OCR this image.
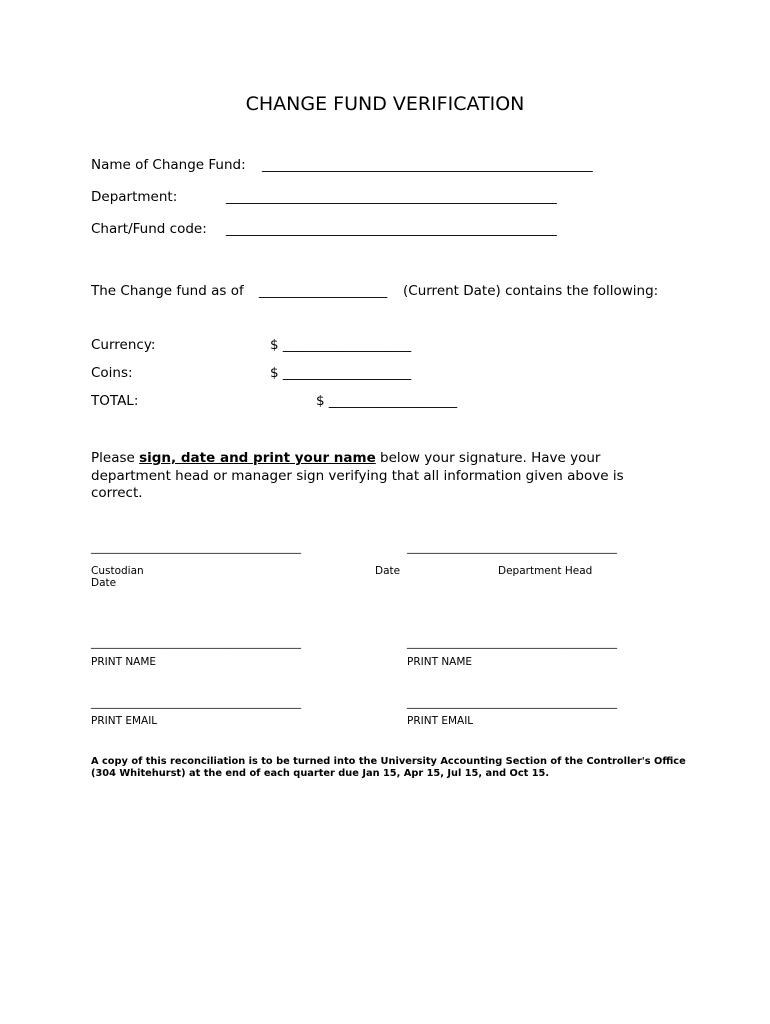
CHANGE FUND VERIFICATION
Name of Change Fund: _________________________________________________
Department:	_________________________________________________
Chart/Fund code: _________________________________________________
The Change fund as of ___________________ (Current Date) contains the following:
Currency:	$ ___________________
Coins:	$ ___________________
TOTAL:	$ ___________________
Please sign, date and print your name below your signature. Have your department head or manager sign verifying that all information given above is correct.
________________________________________	________________________________________
Custodian
Date
Date	Department Head
________________________________________	________________________________________
PRINT NAME	PRINT NAME
________________________________________	________________________________________
PRINT EMAIL	PRINT EMAIL
A copy of this reconciliation is to be turned into the University Accounting Section of the Controller's Office (304 Whitehurst) at the end of each quarter due Jan 15, Apr 15, Jul 15, and Oct 15.
